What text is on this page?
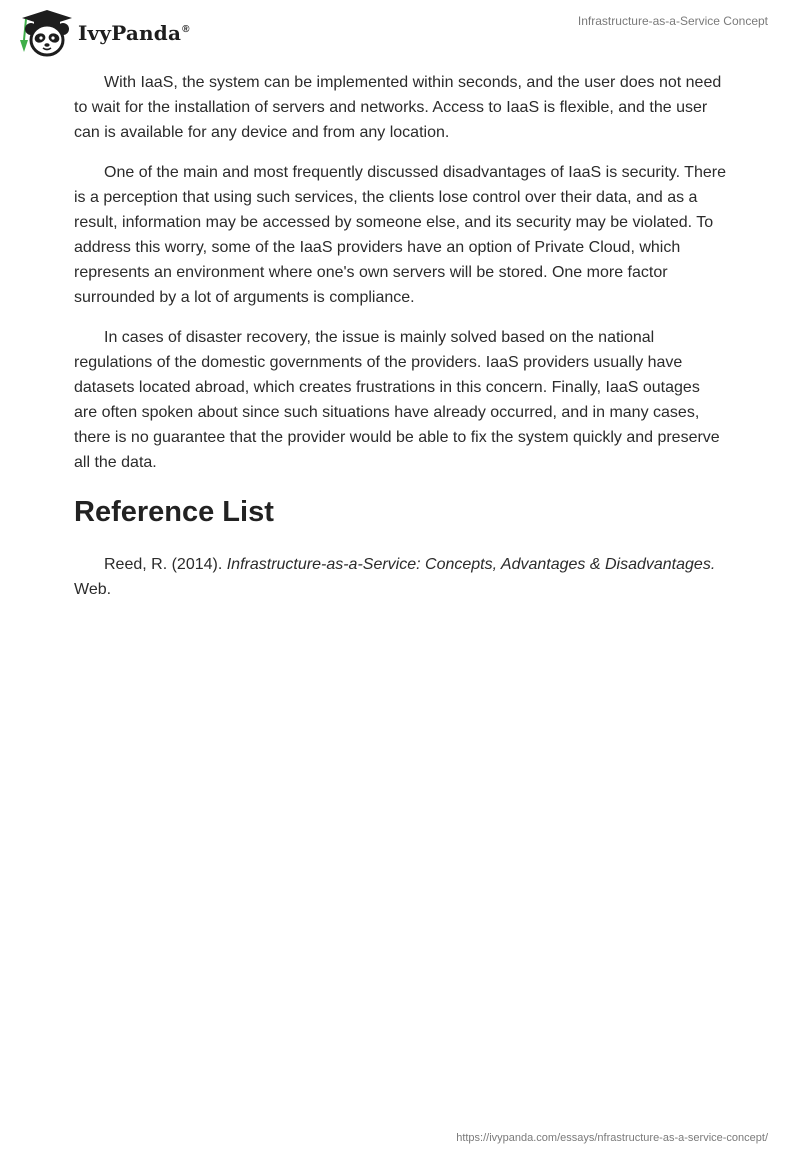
IvyPanda®
Infrastructure-as-a-Service Concept

With IaaS, the system can be implemented within seconds, and the user does not need to wait for the installation of servers and networks. Access to IaaS is flexible, and the user can is available for any device and from any location.

One of the main and most frequently discussed disadvantages of IaaS is security. There is a perception that using such services, the clients lose control over their data, and as a result, information may be accessed by someone else, and its security may be violated. To address this worry, some of the IaaS providers have an option of Private Cloud, which represents an environment where one's own servers will be stored. One more factor surrounded by a lot of arguments is compliance.

In cases of disaster recovery, the issue is mainly solved based on the national regulations of the domestic governments of the providers. IaaS providers usually have datasets located abroad, which creates frustrations in this concern. Finally, IaaS outages are often spoken about since such situations have already occurred, and in many cases, there is no guarantee that the provider would be able to fix the system quickly and preserve all the data.

Reference List

Reed, R. (2014). Infrastructure-as-a-Service: Concepts, Advantages & Disadvantages. Web.

https://ivypanda.com/essays/nfrastructure-as-a-service-concept/
